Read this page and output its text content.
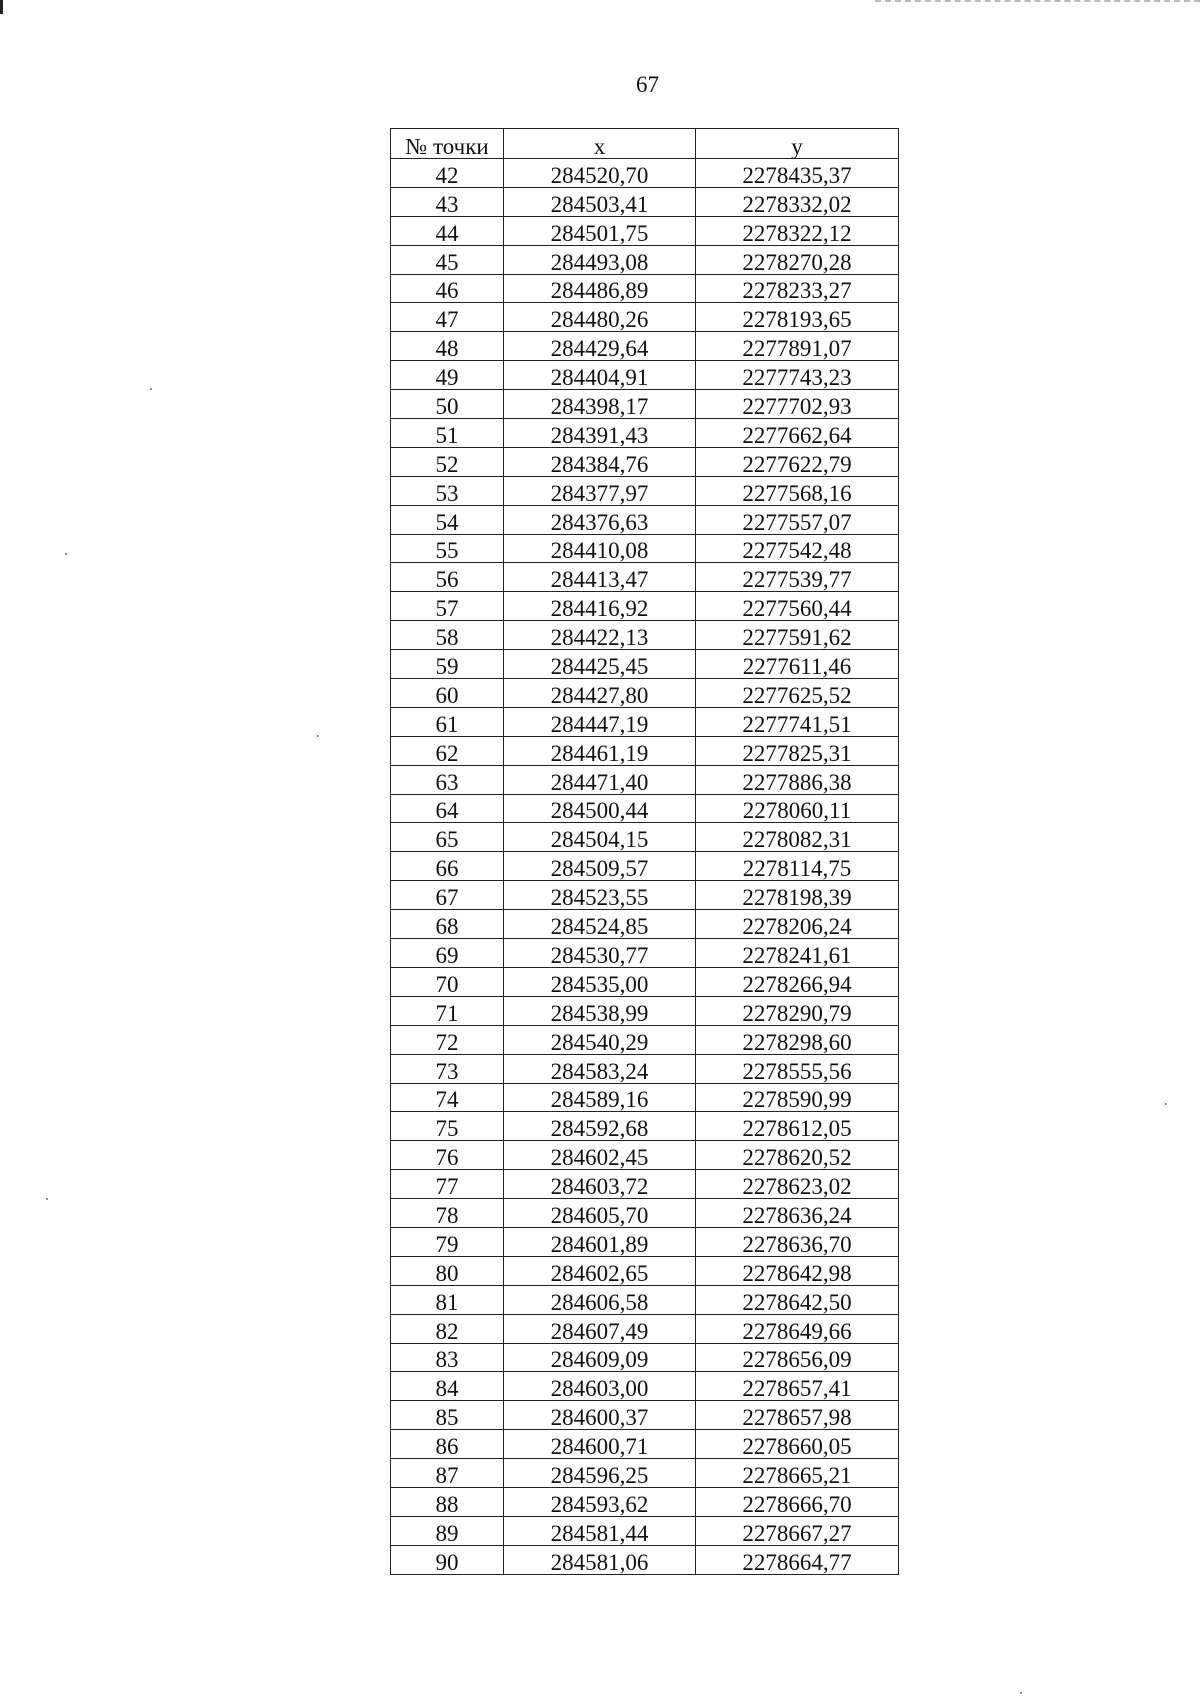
67
№ точки	x	y
42	284520,70	2278435,37
43	284503,41	2278332,02
44	284501,75	2278322,12
45	284493,08	2278270,28
46	284486,89	2278233,27
47	284480,26	2278193,65
48	284429,64	2277891,07
49	284404,91	2277743,23
50	284398,17	2277702,93
51	284391,43	2277662,64
52	284384,76	2277622,79
53	284377,97	2277568,16
54	284376,63	2277557,07
55	284410,08	2277542,48
56	284413,47	2277539,77
57	284416,92	2277560,44
58	284422,13	2277591,62
59	284425,45	2277611,46
60	284427,80	2277625,52
61	284447,19	2277741,51
62	284461,19	2277825,31
63	284471,40	2277886,38
64	284500,44	2278060,11
65	284504,15	2278082,31
66	284509,57	2278114,75
67	284523,55	2278198,39
68	284524,85	2278206,24
69	284530,77	2278241,61
70	284535,00	2278266,94
71	284538,99	2278290,79
72	284540,29	2278298,60
73	284583,24	2278555,56
74	284589,16	2278590,99
75	284592,68	2278612,05
76	284602,45	2278620,52
77	284603,72	2278623,02
78	284605,70	2278636,24
79	284601,89	2278636,70
80	284602,65	2278642,98
81	284606,58	2278642,50
82	284607,49	2278649,66
83	284609,09	2278656,09
84	284603,00	2278657,41
85	284600,37	2278657,98
86	284600,71	2278660,05
87	284596,25	2278665,21
88	284593,62	2278666,70
89	284581,44	2278667,27
90	284581,06	2278664,77
